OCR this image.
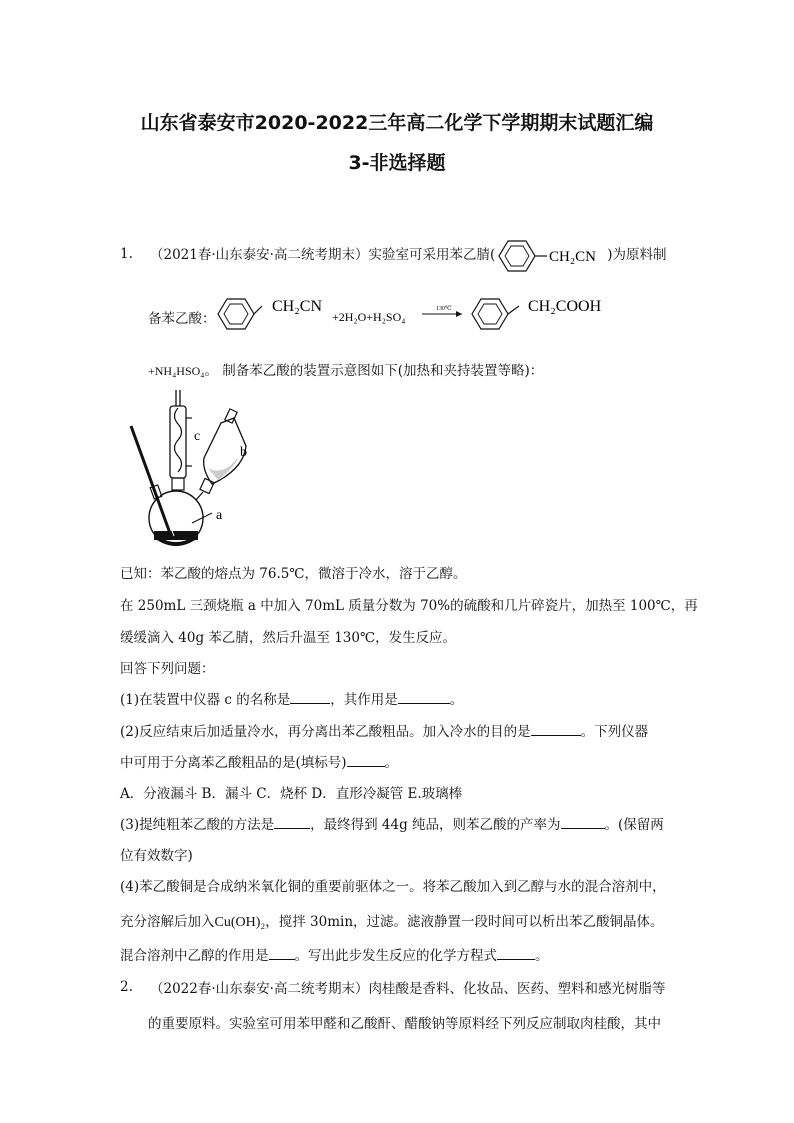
山东省泰安市2020-2022三年高二化学下学期期末试题汇编
3-非选择题
1. （2021春·山东泰安·高二统考期末）实验室可采用苯乙腈(	CH₂CN )为原料制
备苯乙酸：
CH₂CN
+2H₂O+H₂SO₄
130℃	CH₂COOH
+NH₄HSO₄。 制备苯乙酸的装置示意图如下(加热和夹持装置等略)：
c
b
a
已知：苯乙酸的熔点为 76.5℃，微溶于冷水，溶于乙醇。
在 250mL 三颈烧瓶 a 中加入 70mL 质量分数为 70%的硫酸和几片碎瓷片，加热至 100℃，再
缓缓滴入 40g 苯乙腈，然后升温至 130℃，发生反应。
回答下列问题：
(1)在装置中仪器 c 的名称是	，其作用是	。
(2)反应结束后加适量冷水，再分离出苯乙酸粗品。加入冷水的目的是	。下列仪器
中可用于分离苯乙酸粗品的是(填标号)	。
A．分液漏斗 B．漏斗 C．烧杯 D．直形冷凝管 E.玻璃棒
(3)提纯粗苯乙酸的方法是	，最终得到 44g 纯品，则苯乙酸的产率为	。(保留两
位有效数字)
(4)苯乙酸铜是合成纳米氧化铜的重要前驱体之一。将苯乙酸加入到乙醇与水的混合溶剂中，
充分溶解后加入Cu(OH)₂，搅拌 30min，过滤。滤液静置一段时间可以析出苯乙酸铜晶体。
混合溶剂中乙醇的作用是 。写出此步发生反应的化学方程式	。
2. （2022春·山东泰安·高二统考期末）肉桂酸是香料、化妆品、医药、塑料和感光树脂等
的重要原料。实验室可用苯甲醛和乙酸酐、醋酸钠等原料经下列反应制取肉桂酸，其中
